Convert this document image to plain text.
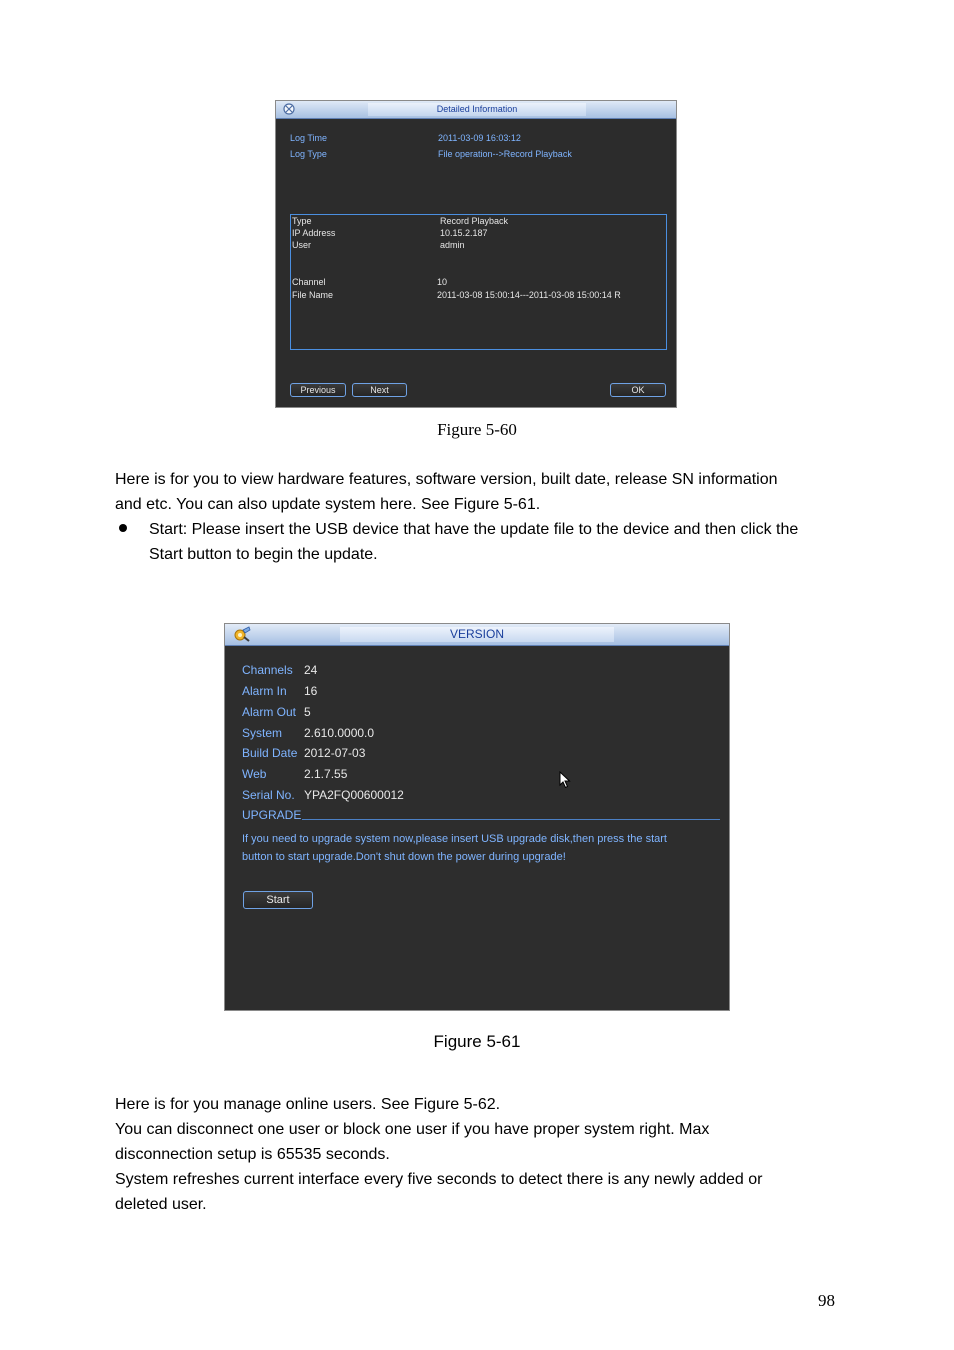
Detailed Information
Log Time	2011-03-09 16:03:12
Log Type	File operation-->Record Playback
Type	Record Playback
IP Address	10.15.2.187
User	admin
Channel	10
File Name	2011-03-08 15:00:14---2011-03-08 15:00:14 R
Previous	Next	OK
Figure 5-60
Here is for you to view hardware features, software version, built date, release SN information
and etc. You can also update system here. See Figure 5-61.
Start: Please insert the USB device that have the update file to the device and then click the
Start button to begin the update.
VERSION
Channels 24
Alarm In 16
Alarm Out 5
System 2.610.0000.0
Build Date 2012-07-03
Web	2.1.7.55
Serial No. YPA2FQ00600012
UPGRADE
If you need to upgrade system now,please insert USB upgrade disk,then press the start
button to start upgrade.Don't shut down the power during upgrade!
Start
Figure 5-61
Here is for you manage online users. See Figure 5-62.
You can disconnect one user or block one user if you have proper system right. Max
disconnection setup is 65535 seconds.
System refreshes current interface every five seconds to detect there is any newly added or
deleted user.
98
